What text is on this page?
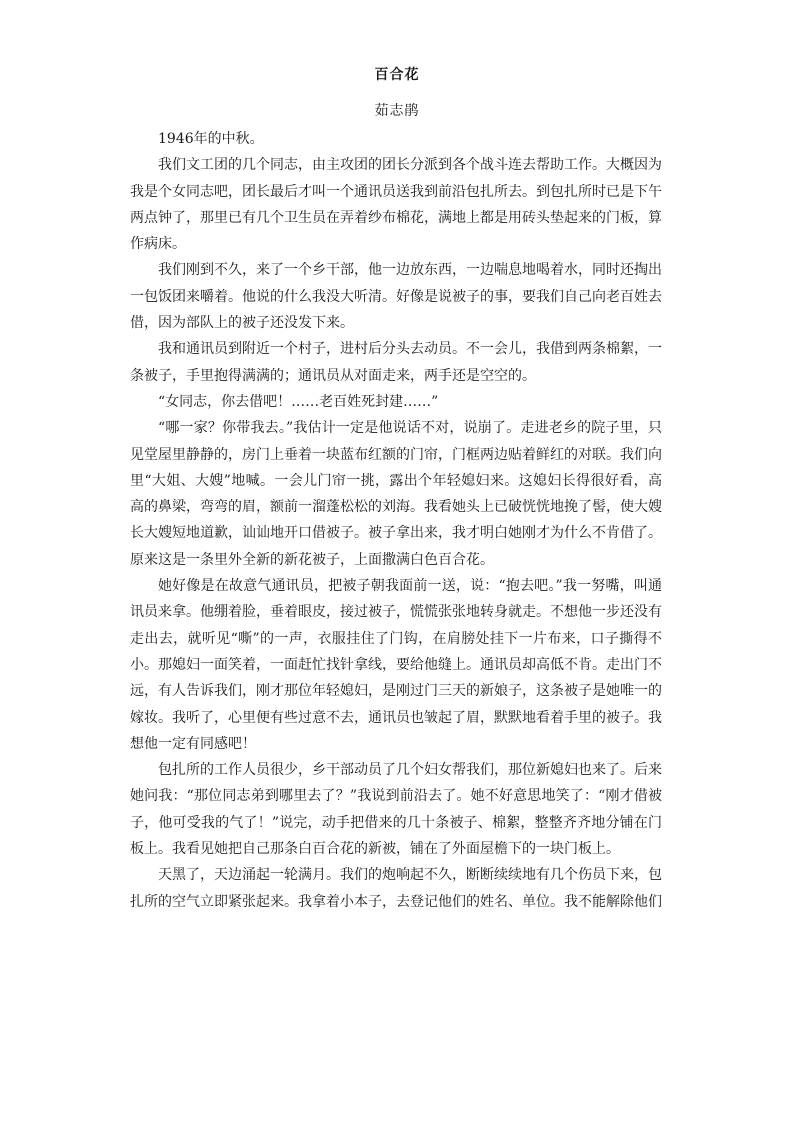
百合花
茹志鹃

1946年的中秋。

我们文工团的几个同志，由主攻团的团长分派到各个战斗连去帮助工作。大概因为我是个女同志吧，团长最后才叫一个通讯员送我到前沿包扎所去。到包扎所时已是下午两点钟了，那里已有几个卫生员在弄着纱布棉花，满地上都是用砖头垫起来的门板，算作病床。

我们刚到不久，来了一个乡干部，他一边放东西，一边喘息地喝着水，同时还掏出一包饭团来嚼着。他说的什么我没大听清。好像是说被子的事，要我们自己向老百姓去借，因为部队上的被子还没发下来。

我和通讯员到附近一个村子，进村后分头去动员。不一会儿，我借到两条棉絮，一条被子，手里抱得满满的；通讯员从对面走来，两手还是空空的。

“女同志，你去借吧！……老百姓死封建……”

“哪一家？你带我去。”我估计一定是他说话不对，说崩了。走进老乡的院子里，只见堂屋里静静的，房门上垂着一块蓝布红额的门帘，门框两边贴着鲜红的对联。我们向里“大姐、大嫂”地喊。一会儿门帘一挑，露出个年轻媳妇来。这媳妇长得很好看，高高的鼻梁，弯弯的眉，额前一溜蓬松松的刘海。我看她头上已破恍恍地挽了髻，使大嫂长大嫂短地道歉，讪讪地开口借被子。被子拿出来，我才明白她刚才为什么不肯借了。原来这是一条里外全新的新花被子，上面撒满白色百合花。

她好像是在故意气通讯员，把被子朝我面前一送，说：“抱去吧。”我一努嘴，叫通讯员来拿。他绷着脸，垂着眼皮，接过被子，慌慌张张地转身就走。不想他一步还没有走出去，就听见“嘶”的一声，衣服挂住了门钩，在肩膀处挂下一片布来，口子撕得不小。那媳妇一面笑着，一面赶忙找针拿线，要给他缝上。通讯员却高低不肯。走出门不远，有人告诉我们，刚才那位年轻媳妇，是刚过门三天的新娘子，这条被子是她唯一的嫁妆。我听了，心里便有些过意不去，通讯员也皱起了眉，默默地看着手里的被子。我想他一定有同感吧！

包扎所的工作人员很少，乡干部动员了几个妇女帮我们，那位新媳妇也来了。后来她问我：“那位同志弟到哪里去了？”我说到前沿去了。她不好意思地笑了：“刚才借被子，他可受我的气了！”说完，动手把借来的几十条被子、棉絮，整整齐齐地分铺在门板上。我看见她把自己那条白百合花的新被，铺在了外面屋檐下的一块门板上。

天黑了，天边涌起一轮满月。我们的炮响起不久，断断续续地有几个伤员下来，包扎所的空气立即紧张起来。我拿着小本子，去登记他们的姓名、单位。我不能解除他们
